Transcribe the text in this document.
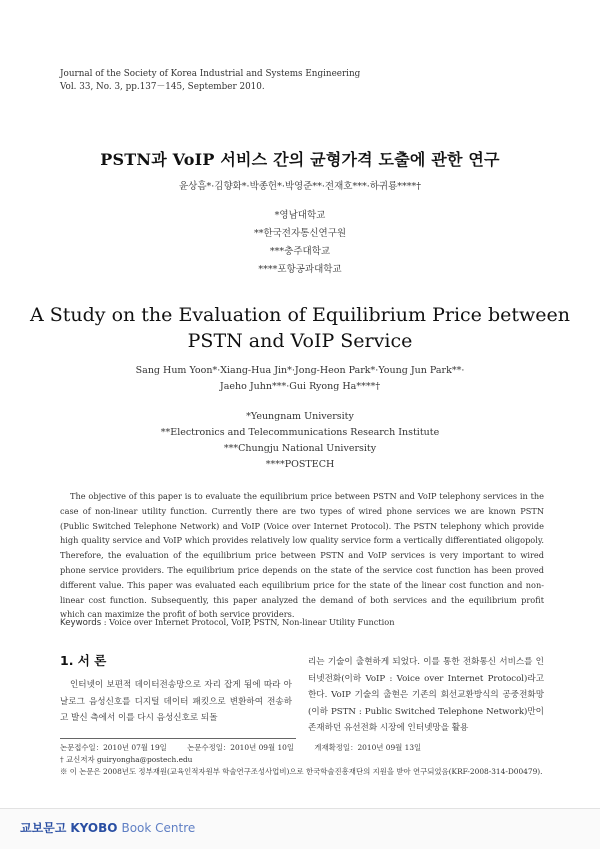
Journal of the Society of Korea Industrial and Systems Engineering
Vol. 33, No. 3, pp.137－145, September 2010.
PSTN과 VoIP 서비스 간의 균형가격 도출에 관한 연구
윤상흠*·김향화*·박종헌*·박영준**·전재호***·하귀룡****†
*영남대학교
**한국전자통신연구원
***충주대학교
****포항공과대학교
A Study on the Evaluation of Equilibrium Price between
PSTN and VoIP Service
Sang Hum Yoon*·Xiang-Hua Jin*·Jong-Heon Park*·Young Jun Park**·
Jaeho Juhn***·Gui Ryong Ha****†
*Yeungnam University
**Electronics and Telecommunications Research Institute
***Chungju National University
****POSTECH
The objective of this paper is to evaluate the equilibrium price between PSTN and VoIP telephony services in the case of non-linear utility function. Currently there are two types of wired phone services we are known PSTN (Public Switched Telephone Network) and VoIP (Voice over Internet Protocol). The PSTN telephony which provide high quality service and VoIP which provides relatively low quality service form a vertically differentiated oligopoly. Therefore, the evaluation of the equilibrium price between PSTN and VoIP services is very important to wired phone service providers. The equilibrium price depends on the state of the service cost function has been proved different value. This paper was evaluated each equilibrium price for the state of the linear cost function and non-linear cost function. Subsequently, this paper analyzed the demand of both services and the equilibrium profit which can maximize the profit of both service providers.
Keywords : Voice over Internet Protocol, VoIP, PSTN, Non-linear Utility Function
1. 서 론

인터넷이 보편적 데이터전송망으로 자리 잡게 됨에 따라 아날로그 음성신호를 디지털 데이터 패킷으로 변환하여 전송하고 발신 측에서 이를 다시 음성신호로 되돌

리는 기술이 출현하게 되었다. 이를 통한 전화통신 서비스를 인터넷전화(이하 VoIP : Voice over Internet Protocol)라고 한다. VoIP 기술의 출현은 기존의 회선교환방식의 공중전화망(이하 PSTN : Public Switched Telephone Network)만이 존재하던 유선전화 시장에 인터넷망을 활용

논문접수일：2010년 07월 19일	논문수정일：2010년 09월 10일	게재확정일：2010년 09월 13일
† 교신저자 guiryongha@postech.edu
※ 이 논문은 2008년도 정부재원(교육인적자원부 학술연구조성사업비)으로 한국학술진흥재단의 지원을 받아 연구되었음(KRF-2008-314-D00479).
교보문고 KYOBO Book Centre
